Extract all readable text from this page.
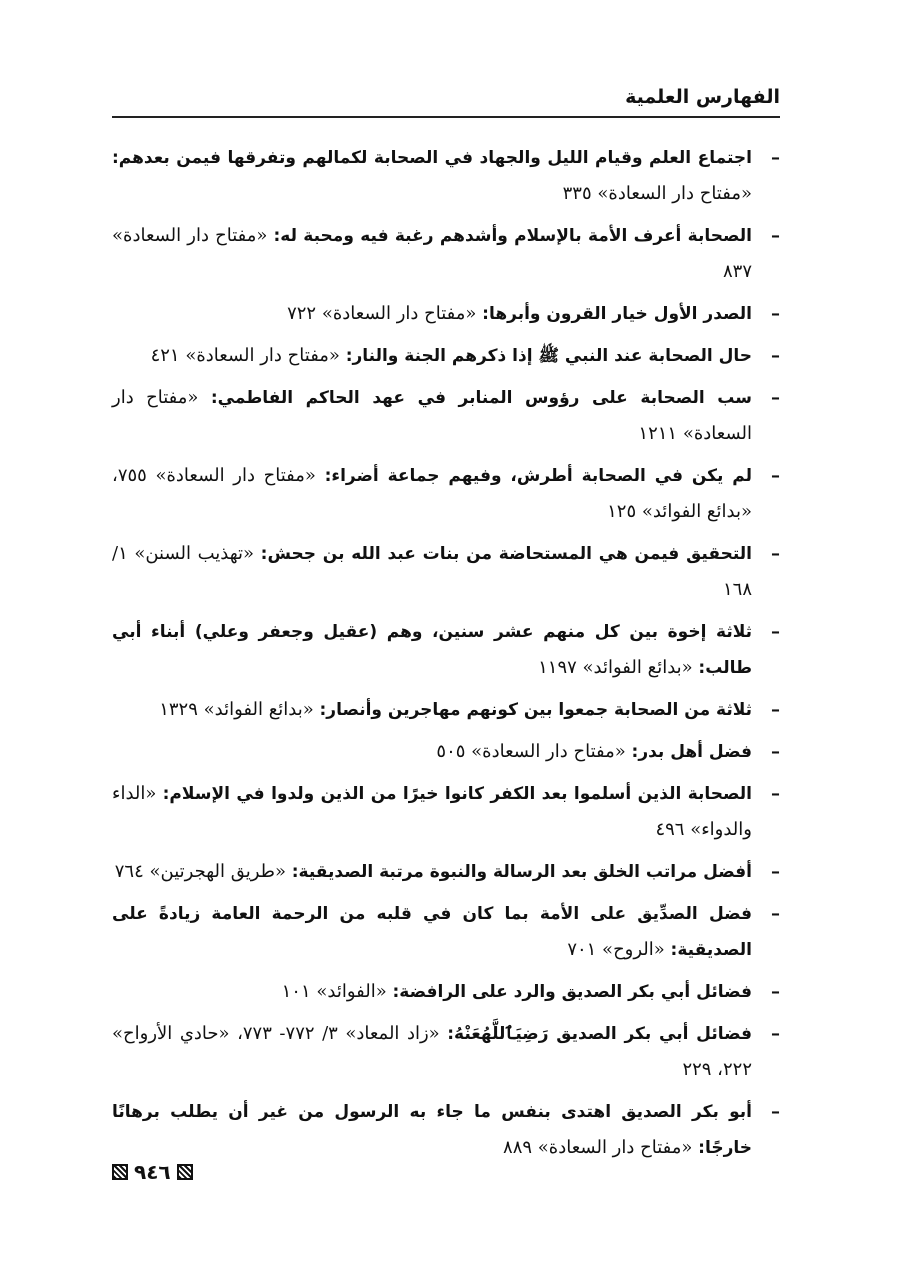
الفهارس العلمية
–
اجتماع العلم وقيام الليل والجهاد في الصحابة لكمالهم وتفرقها فيمن بعدهم: «مفتاح دار السعادة» ٣٣٥
–
الصحابة أعرف الأمة بالإسلام وأشدهم رغبة فيه ومحبة له: «مفتاح دار السعادة» ٨٣٧
–
الصدر الأول خيار القرون وأبرها: «مفتاح دار السعادة» ٧٢٢
–
حال الصحابة عند النبي ﷺ إذا ذكرهم الجنة والنار: «مفتاح دار السعادة» ٤٢١
–
سب الصحابة على رؤوس المنابر في عهد الحاكم الفاطمي: «مفتاح دار السعادة» ١٢١١
–
لم يكن في الصحابة أطرش، وفيهم جماعة أضراء: «مفتاح دار السعادة» ٧٥٥، «بدائع الفوائد» ١٢٥
–
التحقيق فيمن هي المستحاضة من بنات عبد الله بن جحش: «تهذيب السنن» ١/ ١٦٨
–
ثلاثة إخوة بين كل منهم عشر سنين، وهم (عقيل وجعفر وعلي) أبناء أبي طالب: «بدائع الفوائد» ١١٩٧
–
ثلاثة من الصحابة جمعوا بين كونهم مهاجرين وأنصار: «بدائع الفوائد» ١٣٢٩
–
فضل أهل بدر: «مفتاح دار السعادة» ٥٠٥
–
الصحابة الذين أسلموا بعد الكفر كانوا خيرًا من الذين ولدوا في الإسلام: «الداء والدواء» ٤٩٦
–
أفضل مراتب الخلق بعد الرسالة والنبوة مرتبة الصديقية: «طريق الهجرتين» ٧٦٤
–
فضل الصدِّيق على الأمة بما كان في قلبه من الرحمة العامة زيادةً على الصديقية: «الروح» ٧٠١
–
فضائل أبي بكر الصديق والرد على الرافضة: «الفوائد» ١٠١
–
فضائل أبي بكر الصديق رَضِيَٱللَّهُعَنْهُ: «زاد المعاد» ٣/ ٧٧٢- ٧٧٣، «حادي الأرواح» ٢٢٢، ٢٢٩
–
أبو بكر الصديق اهتدى بنفس ما جاء به الرسول من غير أن يطلب برهانًا خارجًا: «مفتاح دار السعادة» ٨٨٩
٩٤٦
